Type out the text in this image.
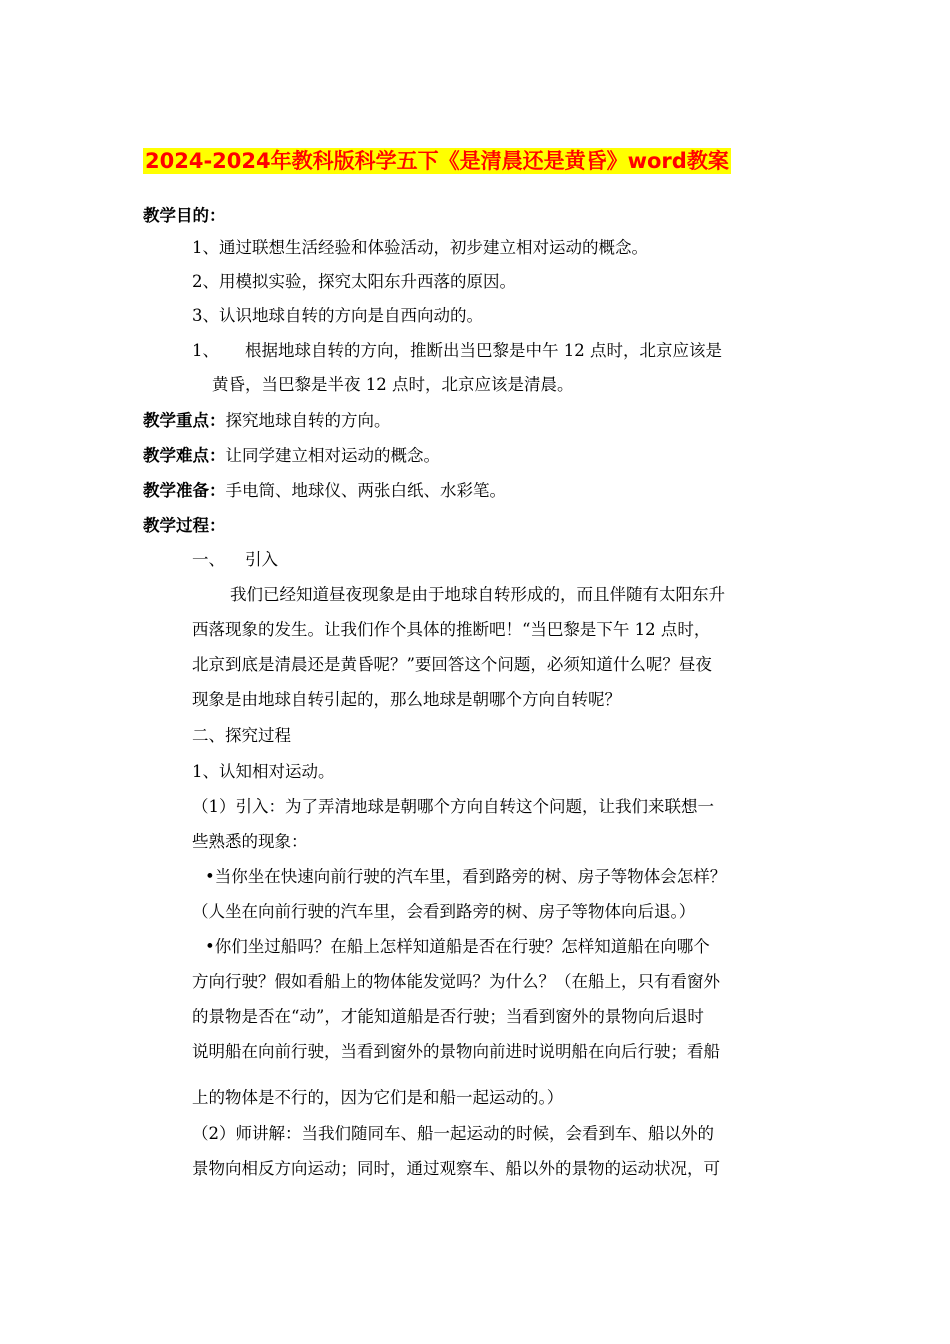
2024-2024年教科版科学五下《是清晨还是黄昏》word教案
教学目的：
1、通过联想生活经验和体验活动，初步建立相对运动的概念。
2、用模拟实验，探究太阳东升西落的原因。
3、认识地球自转的方向是自西向动的。
1、 根据地球自转的方向，推断出当巴黎是中午 12 点时，北京应该是
黄昏，当巴黎是半夜 12 点时，北京应该是清晨。
教学重点：探究地球自转的方向。
教学难点：让同学建立相对运动的概念。
教学准备：手电筒、地球仪、两张白纸、水彩笔。
教学过程：
一、 引入
我们已经知道昼夜现象是由于地球自转形成的，而且伴随有太阳东升
西落现象的发生。让我们作个具体的推断吧！“当巴黎是下午 12 点时，
北京到底是清晨还是黄昏呢？”要回答这个问题，必须知道什么呢？昼夜
现象是由地球自转引起的，那么地球是朝哪个方向自转呢？
二、探究过程
1、认知相对运动。
（1）引入：为了弄清地球是朝哪个方向自转这个问题，让我们来联想一
些熟悉的现象：
•当你坐在快速向前行驶的汽车里，看到路旁的树、房子等物体会怎样？
（人坐在向前行驶的汽车里，会看到路旁的树、房子等物体向后退。）
•你们坐过船吗？在船上怎样知道船是否在行驶？怎样知道船在向哪个
方向行驶？假如看船上的物体能发觉吗？为什么？（在船上，只有看窗外
的景物是否在“动”，才能知道船是否行驶；当看到窗外的景物向后退时
说明船在向前行驶，当看到窗外的景物向前进时说明船在向后行驶；看船
上的物体是不行的，因为它们是和船一起运动的。）
（2）师讲解：当我们随同车、船一起运动的时候，会看到车、船以外的
景物向相反方向运动；同时，通过观察车、船以外的景物的运动状况，可
